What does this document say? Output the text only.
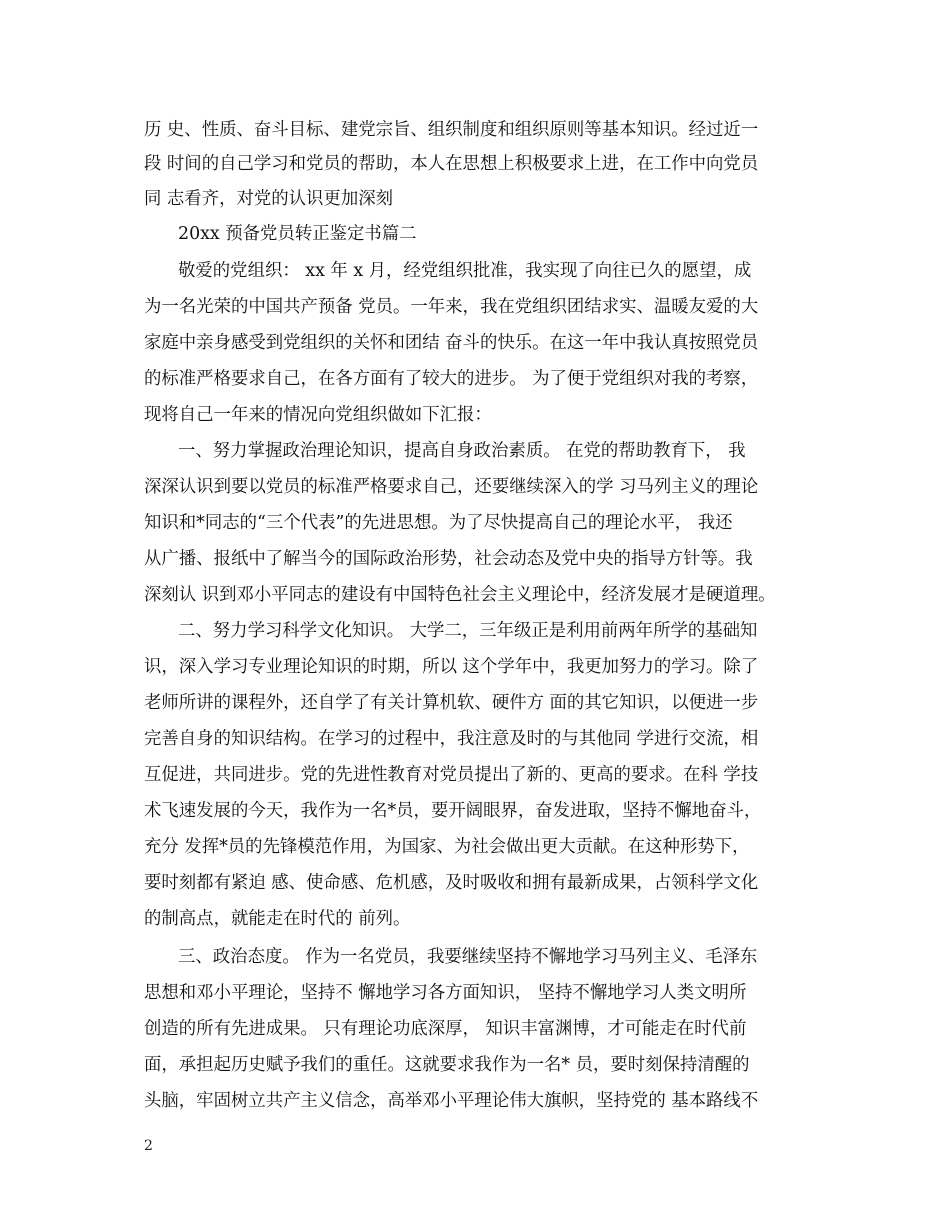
历 史、性质、奋斗目标、建党宗旨、组织制度和组织原则等基本知识。经过近一
段 时间的自己学习和党员的帮助，本人在思想上积极要求上进，在工作中向党员
同 志看齐，对党的认识更加深刻
20xx 预备党员转正鉴定书篇二
敬爱的党组织： xx 年 x 月，经党组织批准，我实现了向往已久的愿望，成
为一名光荣的中国共产预备 党员。一年来，我在党组织团结求实、温暖友爱的大
家庭中亲身感受到党组织的关怀和团结 奋斗的快乐。在这一年中我认真按照党员
的标准严格要求自己，在各方面有了较大的进步。 为了便于党组织对我的考察，
现将自己一年来的情况向党组织做如下汇报：
一、努力掌握政治理论知识，提高自身政治素质。 在党的帮助教育下， 我
深深认识到要以党员的标准严格要求自己，还要继续深入的学 习马列主义的理论
知识和*同志的“三个代表”的先进思想。为了尽快提高自己的理论水平， 我还
从广播、报纸中了解当今的国际政治形势，社会动态及党中央的指导方针等。我
深刻认 识到邓小平同志的建设有中国特色社会主义理论中，经济发展才是硬道理。
二、努力学习科学文化知识。 大学二，三年级正是利用前两年所学的基础知
识，深入学习专业理论知识的时期，所以 这个学年中，我更加努力的学习。除了
老师所讲的课程外，还自学了有关计算机软、硬件方 面的其它知识，以便进一步
完善自身的知识结构。在学习的过程中，我注意及时的与其他同 学进行交流，相
互促进，共同进步。党的先进性教育对党员提出了新的、更高的要求。在科 学技
术飞速发展的今天，我作为一名*员，要开阔眼界，奋发进取，坚持不懈地奋斗，
充分 发挥*员的先锋模范作用，为国家、为社会做出更大贡献。在这种形势下，
要时刻都有紧迫 感、使命感、危机感，及时吸收和拥有最新成果，占领科学文化
的制高点，就能走在时代的 前列。
三、政治态度。 作为一名党员，我要继续坚持不懈地学习马列主义、毛泽东
思想和邓小平理论，坚持不 懈地学习各方面知识， 坚持不懈地学习人类文明所
创造的所有先进成果。 只有理论功底深厚， 知识丰富渊博，才可能走在时代前
面，承担起历史赋予我们的重任。这就要求我作为一名* 员，要时刻保持清醒的
头脑，牢固树立共产主义信念，高举邓小平理论伟大旗帜，坚持党的 基本路线不
2
